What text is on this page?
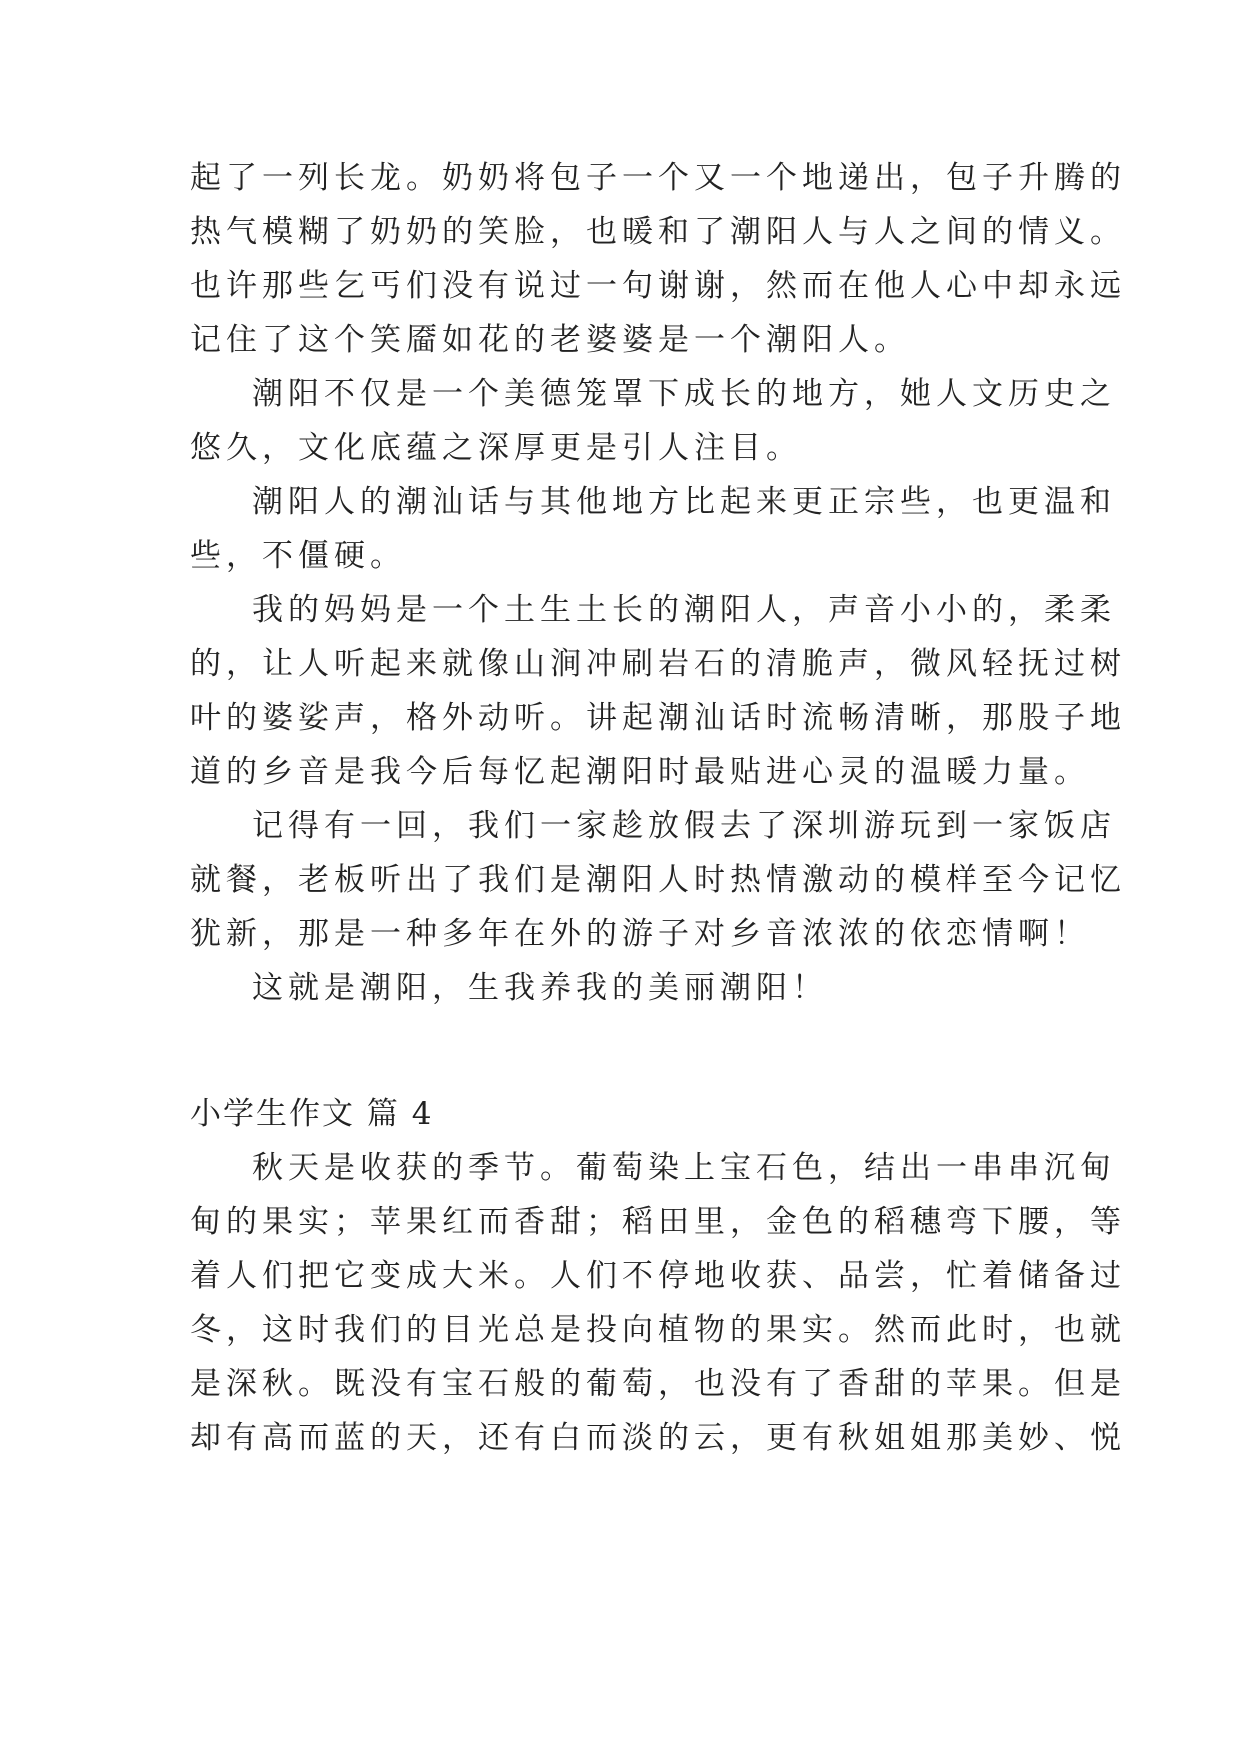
起了一列长龙。奶奶将包子一个又一个地递出，包子升腾的
热气模糊了奶奶的笑脸，也暖和了潮阳人与人之间的情义。
也许那些乞丐们没有说过一句谢谢，然而在他人心中却永远
记住了这个笑靥如花的老婆婆是一个潮阳人。
潮阳不仅是一个美德笼罩下成长的地方，她人文历史之
悠久，文化底蕴之深厚更是引人注目。
潮阳人的潮汕话与其他地方比起来更正宗些，也更温和
些，不僵硬。
我的妈妈是一个土生土长的潮阳人，声音小小的，柔柔
的，让人听起来就像山涧冲刷岩石的清脆声，微风轻抚过树
叶的婆娑声，格外动听。讲起潮汕话时流畅清晰，那股子地
道的乡音是我今后每忆起潮阳时最贴进心灵的温暖力量。
记得有一回，我们一家趁放假去了深圳游玩到一家饭店
就餐，老板听出了我们是潮阳人时热情激动的模样至今记忆
犹新，那是一种多年在外的游子对乡音浓浓的依恋情啊！
这就是潮阳，生我养我的美丽潮阳！
小学生作文 篇 4
秋天是收获的季节。葡萄染上宝石色，结出一串串沉甸
甸的果实；苹果红而香甜；稻田里，金色的稻穗弯下腰，等
着人们把它变成大米。人们不停地收获、品尝，忙着储备过
冬，这时我们的目光总是投向植物的果实。然而此时，也就
是深秋。既没有宝石般的葡萄，也没有了香甜的苹果。但是
却有高而蓝的天，还有白而淡的云，更有秋姐姐那美妙、悦
